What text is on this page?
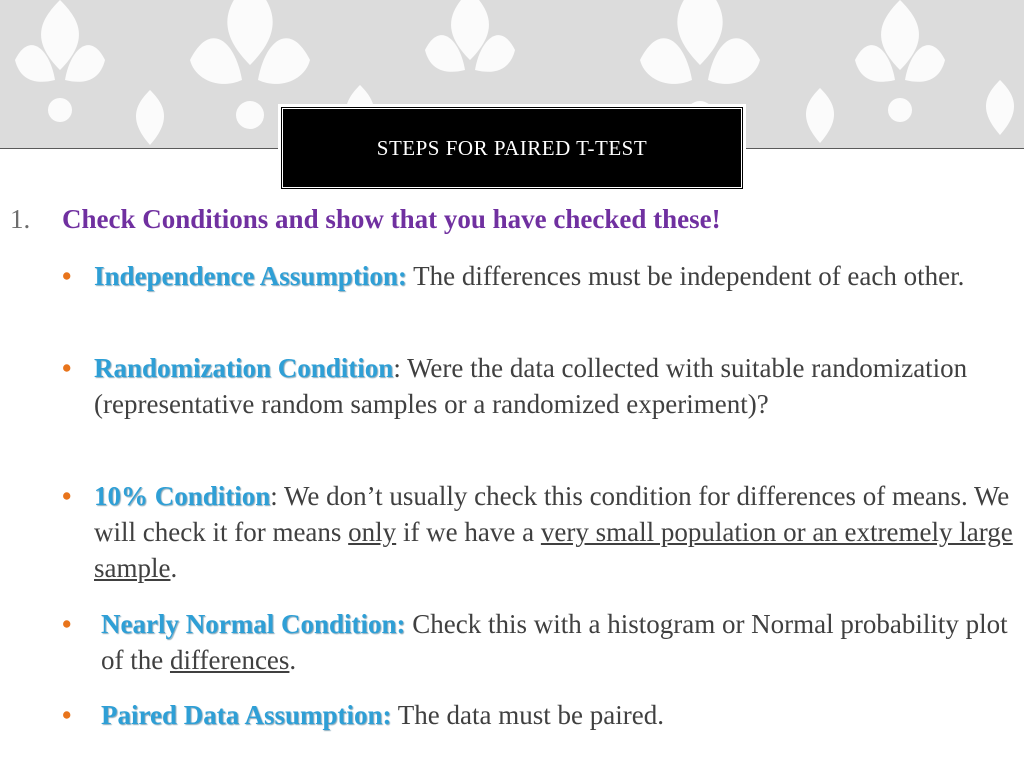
STEPS FOR PAIRED T-TEST
1. Check Conditions and show that you have checked these!
• Independence Assumption: The differences must be independent of each other.
• Randomization Condition: Were the data collected with suitable randomization (representative random samples or a randomized experiment)?
• 10% Condition: We don’t usually check this condition for differences of means. We will check it for means only if we have a very small population or an extremely large sample.
• Nearly Normal Condition: Check this with a histogram or Normal probability plot of the differences.
• Paired Data Assumption: The data must be paired.
